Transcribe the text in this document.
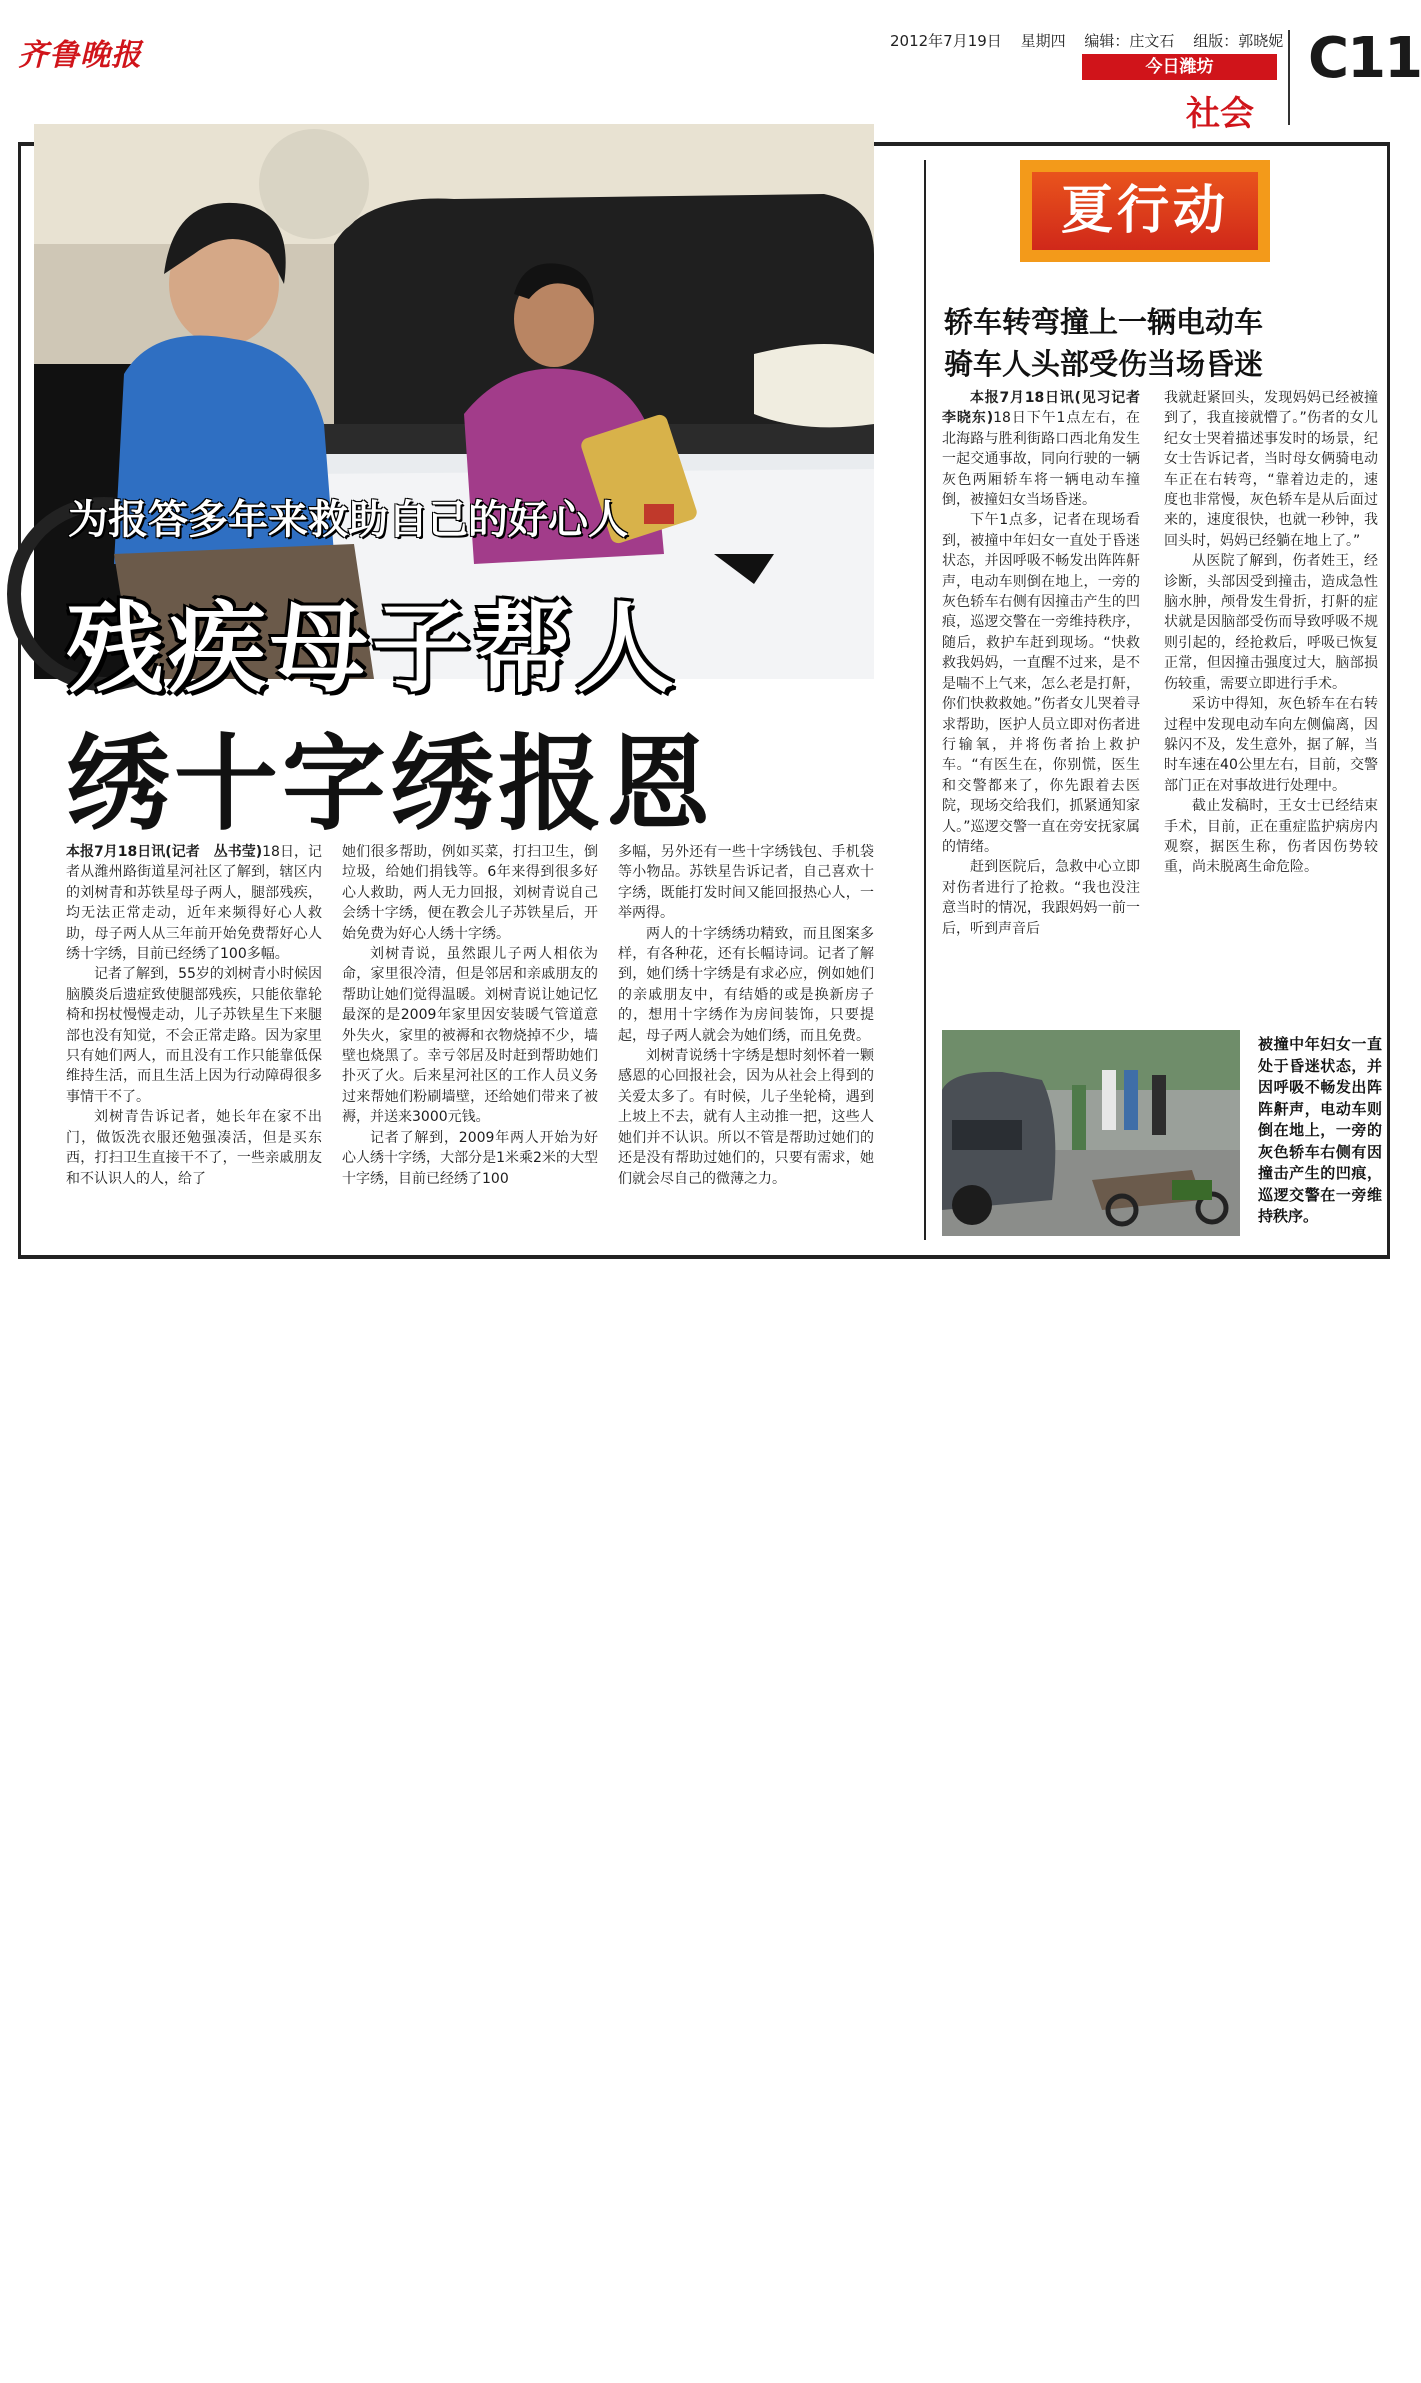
齐鲁晚报	2012年7月19日 星期四 编辑：庄文石 组版：郭晓妮
今日潍坊
社会
C11
为报答多年来救助自己的好心人
残疾母子帮人
绣十字绣报恩

本报7月18日讯(记者　丛书莹)18日，记者从潍州路街道星河社区了解到，辖区内的刘树青和苏铁星母子两人，腿部残疾，均无法正常走动，近年来频得好心人救助，母子两人从三年前开始免费帮好心人绣十字绣，目前已经绣了100多幅。

记者了解到，55岁的刘树青小时候因脑膜炎后遗症致使腿部残疾，只能依靠轮椅和拐杖慢慢走动，儿子苏铁星生下来腿部也没有知觉，不会正常走路。因为家里只有她们两人，而且没有工作只能靠低保维持生活，而且生活上因为行动障碍很多事情干不了。

刘树青告诉记者，她长年在家不出门，做饭洗衣服还勉强凑活，但是买东西，打扫卫生直接干不了，一些亲戚朋友和不认识人的人，给了

她们很多帮助，例如买菜，打扫卫生，倒垃圾，给她们捐钱等。6年来得到很多好心人救助，两人无力回报，刘树青说自己会绣十字绣，便在教会儿子苏铁星后，开始免费为好心人绣十字绣。

刘树青说，虽然跟儿子两人相依为命，家里很冷清，但是邻居和亲戚朋友的帮助让她们觉得温暖。刘树青说让她记忆最深的是2009年家里因安装暖气管道意外失火，家里的被褥和衣物烧掉不少，墙壁也烧黑了。幸亏邻居及时赶到帮助她们扑灭了火。后来星河社区的工作人员义务过来帮她们粉刷墙壁，还给她们带来了被褥，并送来3000元钱。

记者了解到，2009年两人开始为好心人绣十字绣，大部分是1米乘2米的大型十字绣，目前已经绣了100

多幅，另外还有一些十字绣钱包、手机袋等小物品。苏铁星告诉记者，自己喜欢十字绣，既能打发时间又能回报热心人，一举两得。

两人的十字绣绣功精致，而且图案多样，有各种花，还有长幅诗词。记者了解到，她们绣十字绣是有求必应，例如她们的亲戚朋友中，有结婚的或是换新房子的，想用十字绣作为房间装饰，只要提起，母子两人就会为她们绣，而且免费。

刘树青说绣十字绣是想时刻怀着一颗感恩的心回报社会，因为从社会上得到的关爱太多了。有时候，儿子坐轮椅，遇到上坡上不去，就有人主动推一把，这些人她们并不认识。所以不管是帮助过她们的还是没有帮助过她们的，只要有需求，她们就会尽自己的微薄之力。

夏行动
轿车转弯撞上一辆电动车
骑车人头部受伤当场昏迷

本报7月18日讯(见习记者　李晓东)18日下午1点左右，在北海路与胜利街路口西北角发生一起交通事故，同向行驶的一辆灰色两厢轿车将一辆电动车撞倒，被撞妇女当场昏迷。

下午1点多，记者在现场看到，被撞中年妇女一直处于昏迷状态，并因呼吸不畅发出阵阵鼾声，电动车则倒在地上，一旁的灰色轿车右侧有因撞击产生的凹痕，巡逻交警在一旁维持秩序，随后，救护车赶到现场。“快救救我妈妈，一直醒不过来，是不是喘不上气来，怎么老是打鼾，你们快救救她。”伤者女儿哭着寻求帮助，医护人员立即对伤者进行输氧，并将伤者抬上救护车。“有医生在，你别慌，医生和交警都来了，你先跟着去医院，现场交给我们，抓紧通知家人。”巡逻交警一直在旁安抚家属的情绪。

赶到医院后，急救中心立即对伤者进行了抢救。“我也没注意当时的情况，我跟妈妈一前一后，听到声音后

我就赶紧回头，发现妈妈已经被撞到了，我直接就懵了。”伤者的女儿纪女士哭着描述事发时的场景，纪女士告诉记者，当时母女俩骑电动车正在右转弯，“靠着边走的，速度也非常慢，灰色轿车是从后面过来的，速度很快，也就一秒钟，我回头时，妈妈已经躺在地上了。”

从医院了解到，伤者姓王，经诊断，头部因受到撞击，造成急性脑水肿，颅骨发生骨折，打鼾的症状就是因脑部受伤而导致呼吸不规则引起的，经抢救后，呼吸已恢复正常，但因撞击强度过大，脑部损伤较重，需要立即进行手术。

采访中得知，灰色轿车在右转过程中发现电动车向左侧偏离，因躲闪不及，发生意外，据了解，当时车速在40公里左右，目前，交警部门正在对事故进行处理中。

截止发稿时，王女士已经结束手术，目前，正在重症监护病房内观察，据医生称，伤者因伤势较重，尚未脱离生命危险。

被撞中年妇女一直处于昏迷状态，并因呼吸不畅发出阵阵鼾声，电动车则倒在地上，一旁的灰色轿车右侧有因撞击产生的凹痕，巡逻交警在一旁维持秩序。
